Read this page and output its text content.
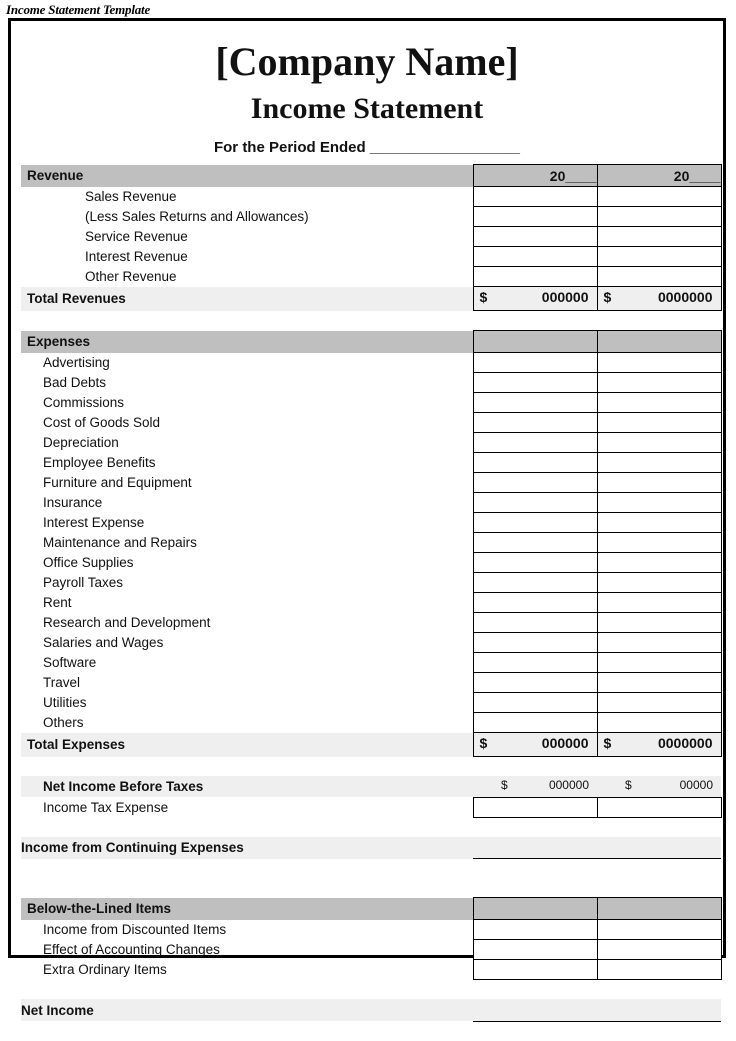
Income Statement Template
[Company Name]
Income Statement
For the Period Ended __________________
Revenue	20____	20____
Sales Revenue		
(Less Sales Returns and Allowances)		
Service Revenue		
Interest Revenue		
Other Revenue		
Total Revenues	$ 000000	$ 0000000

Expenses		
Advertising		
Bad Debts		
Commissions		
Cost of Goods Sold		
Depreciation		
Employee Benefits		
Furniture and Equipment		
Insurance		
Interest Expense		
Maintenance and Repairs		
Office Supplies		
Payroll Taxes		
Rent		
Research and Development		
Salaries and Wages		
Software		
Travel		
Utilities		
Others		
Total Expenses	$ 000000	$ 0000000

Net Income Before Taxes	$ 000000	$ 00000

Income Tax Expense		

Income from Continuing Expenses		

Below-the-Lined Items		
Income from Discounted Items		
Effect of Accounting Changes		
Extra Ordinary Items		

Net Income		
